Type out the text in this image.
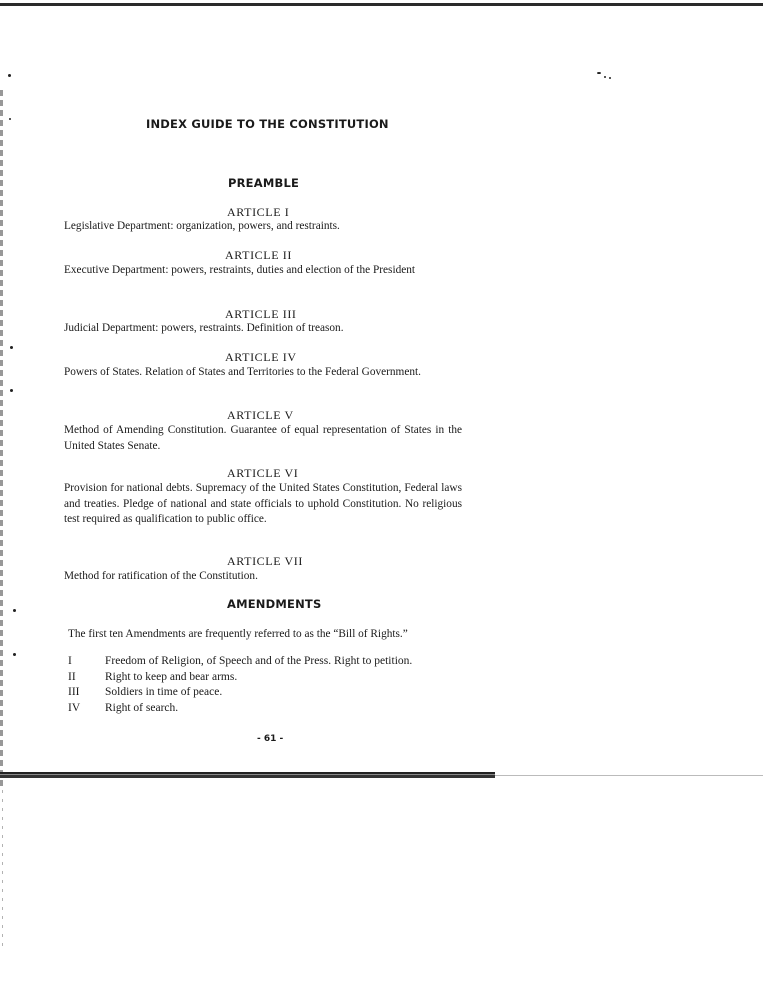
INDEX GUIDE TO THE CONSTITUTION
PREAMBLE
ARTICLE I
Legislative Department: organization, powers, and restraints.
ARTICLE II
Executive Department: powers, restraints, duties and election of the President
ARTICLE III
Judicial Department: powers, restraints. Definition of treason.
ARTICLE IV
Powers of States. Relation of States and Territories to the Federal Government.
ARTICLE V
Method of Amending Constitution. Guarantee of equal representation of States in the United States Senate.
ARTICLE VI
Provision for national debts. Supremacy of the United States Constitution, Federal laws and treaties. Pledge of national and state officials to uphold Constitution. No religious test required as qualification to public office.
ARTICLE VII
Method for ratification of the Constitution.
AMENDMENTS
The first ten Amendments are frequently referred to as the “Bill of Rights.”
I	Freedom of Religion, of Speech and of the Press. Right to petition.
II	Right to keep and bear arms.
III Soldiers in time of peace.
IV Right of search.
- 61 -
